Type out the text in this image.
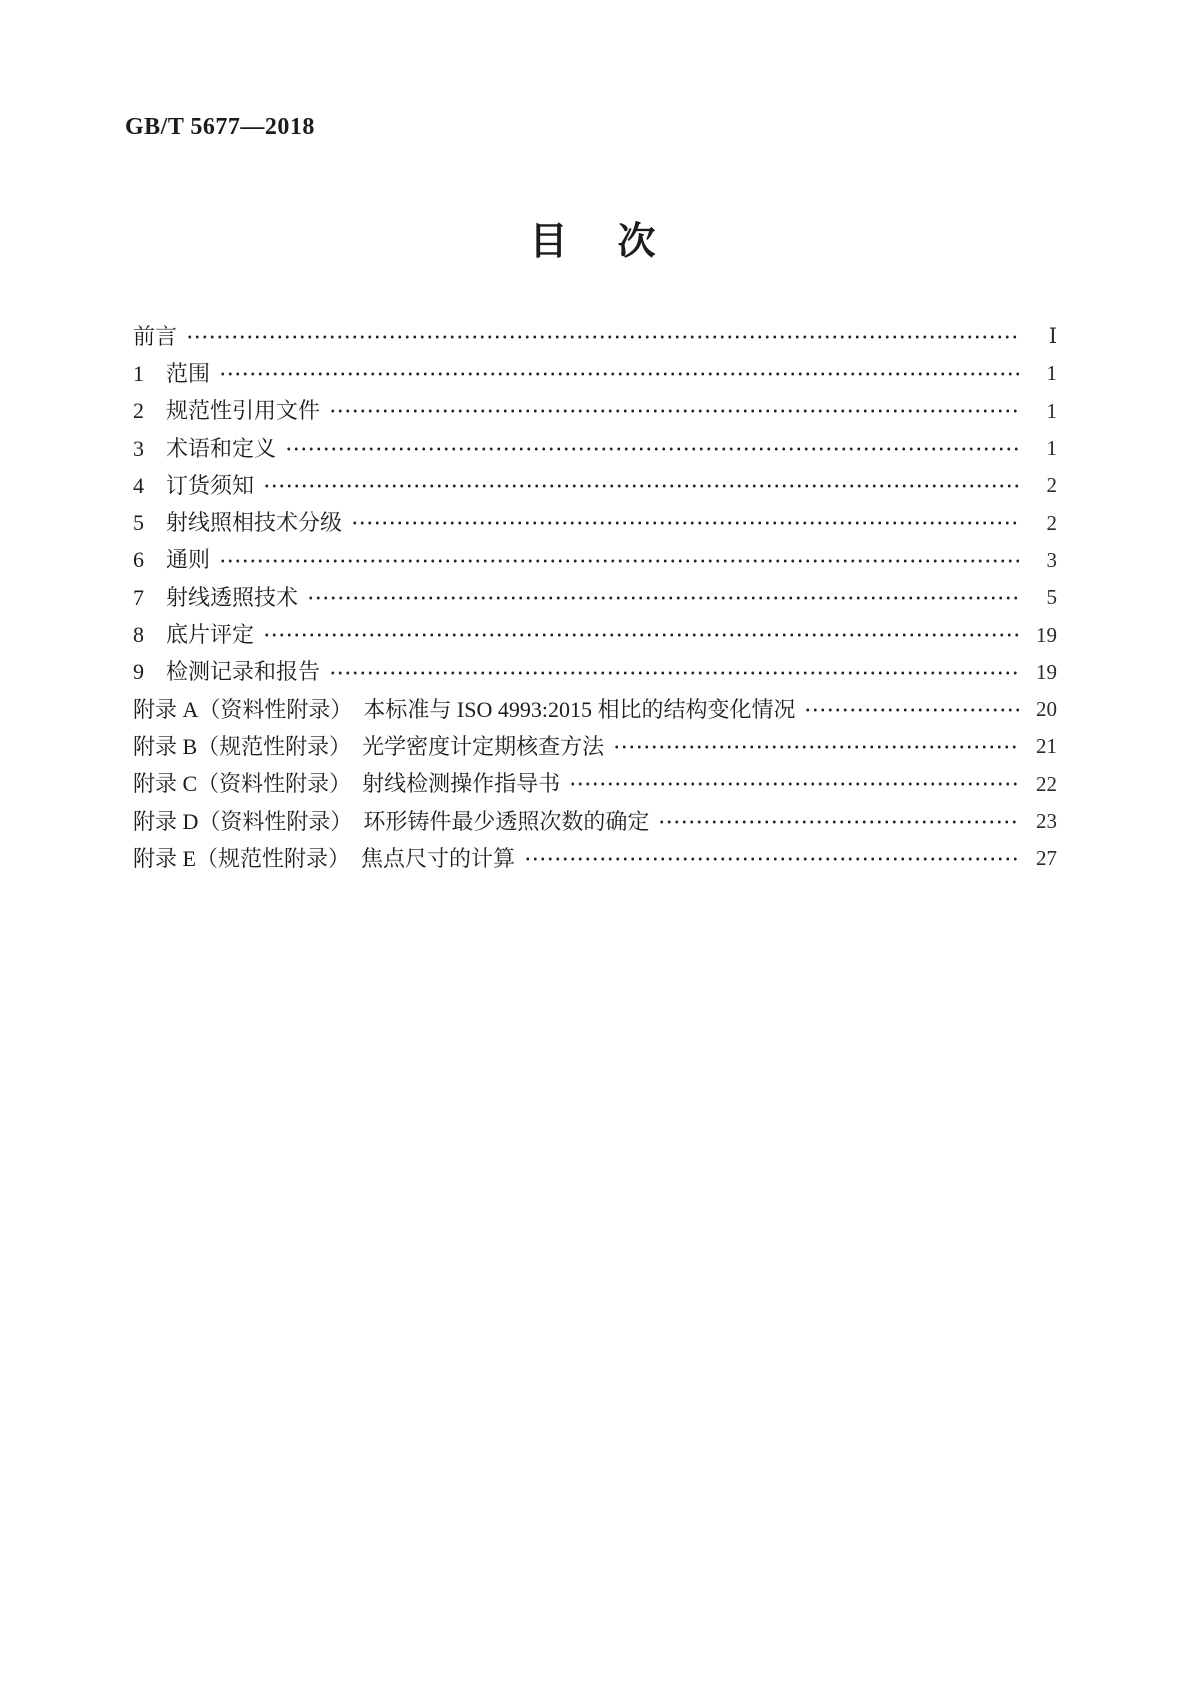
GB/T 5677—2018
目　次
前言	Ⅰ
1　范围	1
2　规范性引用文件	1
3　术语和定义	1
4　订货须知	2
5　射线照相技术分级	2
6　通则	3
7　射线透照技术	5
8　底片评定	19
9　检测记录和报告	19
附录 A（资料性附录）　本标准与 ISO 4993:2015 相比的结构变化情况	20
附录 B（规范性附录）　光学密度计定期核查方法	21
附录 C（资料性附录）　射线检测操作指导书	22
附录 D（资料性附录）　环形铸件最少透照次数的确定	23
附录 E（规范性附录）　焦点尺寸的计算	27
